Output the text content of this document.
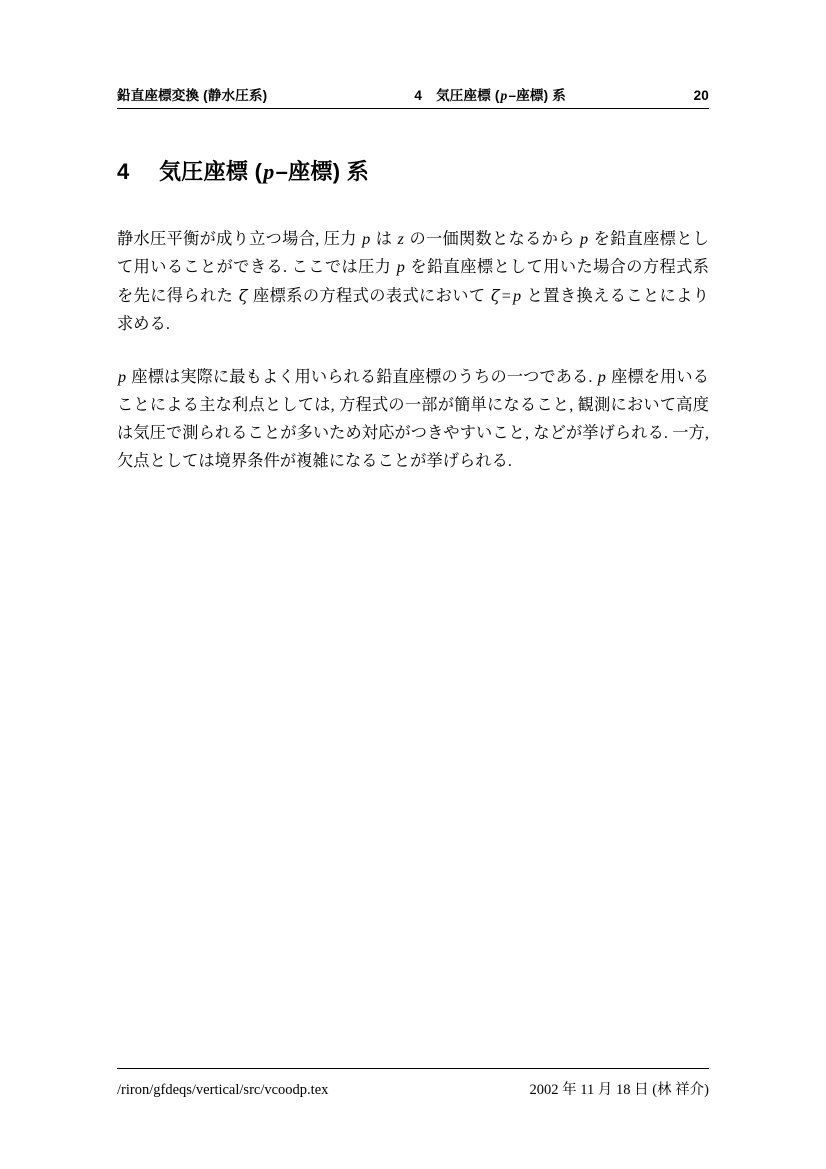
鉛直座標変換 (静水圧系)	4 気圧座標 (p–座標) 系	20
4	気圧座標 (p–座標) 系

静水圧平衡が成り立つ場合, 圧力 p は z の一価関数となるから p を鉛直座標として用いることができる. ここでは圧力 p を鉛直座標として用いた場合の方程式系を先に得られた ζ 座標系の方程式の表式において ζ = p と置き換えることにより求める.

p 座標は実際に最もよく用いられる鉛直座標のうちの一つである. p 座標を用いることによる主な利点としては, 方程式の一部が簡単になること, 観測において高度は気圧で測られることが多いため対応がつきやすいこと, などが挙げられる. 一方, 欠点としては境界条件が複雑になることが挙げられる.

/riron/gfdeqs/vertical/src/vcoodp.tex	2002 年 11 月 18 日 (林 祥介)
